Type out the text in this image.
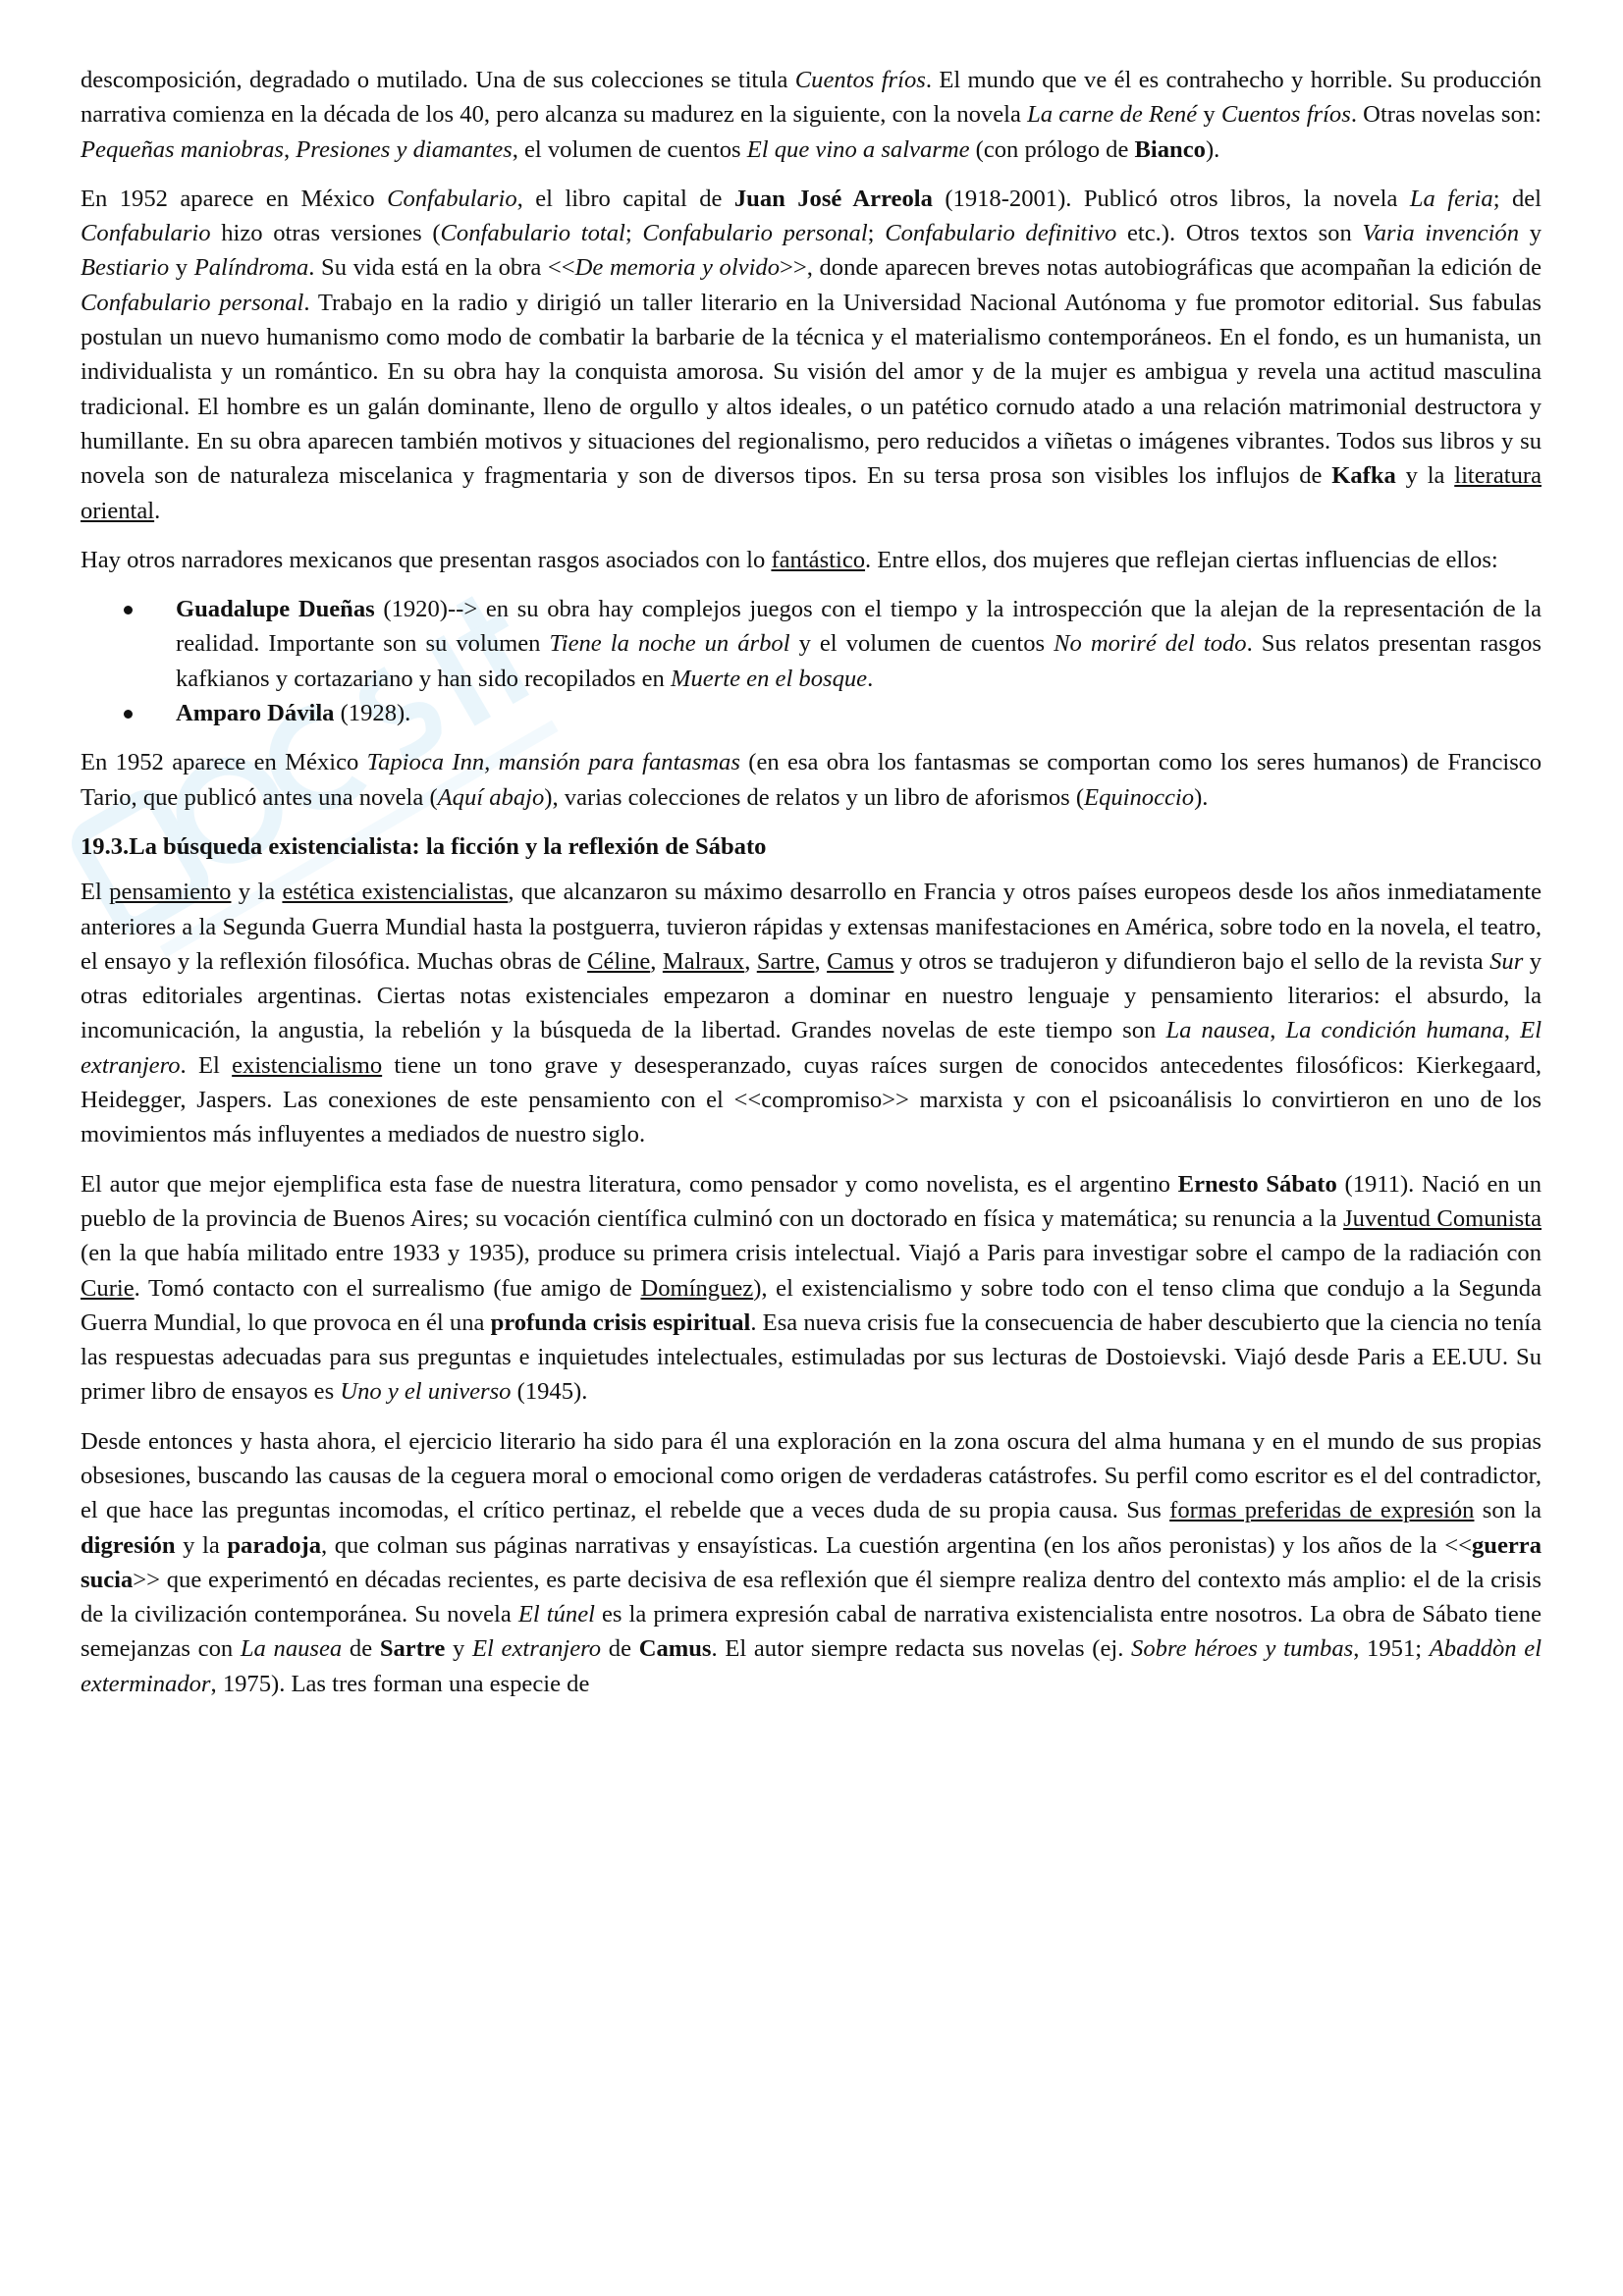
descomposición, degradado o mutilado. Una de sus colecciones se titula Cuentos fríos. El mundo que ve él es contrahecho y horrible. Su producción narrativa comienza en la década de los 40, pero alcanza su madurez en la siguiente, con la novela La carne de René y Cuentos fríos. Otras novelas son: Pequeñas maniobras, Presiones y diamantes, el volumen de cuentos El que vino a salvarme (con prólogo de Bianco).

En 1952 aparece en México Confabulario, el libro capital de Juan José Arreola (1918-2001). Publicó otros libros, la novela La feria; del Confabulario hizo otras versiones (Confabulario total; Confabulario personal; Confabulario definitivo etc.). Otros textos son Varia invención y Bestiario y Palíndroma. Su vida está en la obra <<De memoria y olvido>>, donde aparecen breves notas autobiográficas que acompañan la edición de Confabulario personal. Trabajo en la radio y dirigió un taller literario en la Universidad Nacional Autónoma y fue promotor editorial. Sus fabulas postulan un nuevo humanismo como modo de combatir la barbarie de la técnica y el materialismo contemporáneos. En el fondo, es un humanista, un individualista y un romántico. En su obra hay la conquista amorosa. Su visión del amor y de la mujer es ambigua y revela una actitud masculina tradicional. El hombre es un galán dominante, lleno de orgullo y altos ideales, o un patético cornudo atado a una relación matrimonial destructora y humillante. En su obra aparecen también motivos y situaciones del regionalismo, pero reducidos a viñetas o imágenes vibrantes. Todos sus libros y su novela son de naturaleza miscelanica y fragmentaria y son de diversos tipos. En su tersa prosa son visibles los influjos de Kafka y la literatura oriental.

Hay otros narradores mexicanos que presentan rasgos asociados con lo fantástico. Entre ellos, dos mujeres que reflejan ciertas influencias de ellos:

Guadalupe Dueñas (1920)--> en su obra hay complejos juegos con el tiempo y la introspección que la alejan de la representación de la realidad. Importante son su volumen Tiene la noche un árbol y el volumen de cuentos No moriré del todo. Sus relatos presentan rasgos kafkianos y cortazariano y han sido recopilados en Muerte en el bosque.
Amparo Dávila (1928).

En 1952 aparece en México Tapioca Inn, mansión para fantasmas (en esa obra los fantasmas se comportan como los seres humanos) de Francisco Tario, que publicó antes una novela (Aquí abajo), varias colecciones de relatos y un libro de aforismos (Equinoccio).

19.3.La búsqueda existencialista: la ficción y la reflexión de Sábato

El pensamiento y la estética existencialistas, que alcanzaron su máximo desarrollo en Francia y otros países europeos desde los años inmediatamente anteriores a la Segunda Guerra Mundial hasta la postguerra, tuvieron rápidas y extensas manifestaciones en América, sobre todo en la novela, el teatro, el ensayo y la reflexión filosófica. Muchas obras de Céline, Malraux, Sartre, Camus y otros se tradujeron y difundieron bajo el sello de la revista Sur y otras editoriales argentinas. Ciertas notas existenciales empezaron a dominar en nuestro lenguaje y pensamiento literarios: el absurdo, la incomunicación, la angustia, la rebelión y la búsqueda de la libertad. Grandes novelas de este tiempo son La nausea, La condición humana, El extranjero. El existencialismo tiene un tono grave y desesperanzado, cuyas raíces surgen de conocidos antecedentes filosóficos: Kierkegaard, Heidegger, Jaspers. Las conexiones de este pensamiento con el <<compromiso>> marxista y con el psicoanálisis lo convirtieron en uno de los movimientos más influyentes a mediados de nuestro siglo.

El autor que mejor ejemplifica esta fase de nuestra literatura, como pensador y como novelista, es el argentino Ernesto Sábato (1911). Nació en un pueblo de la provincia de Buenos Aires; su vocación científica culminó con un doctorado en física y matemática; su renuncia a la Juventud Comunista (en la que había militado entre 1933 y 1935), produce su primera crisis intelectual. Viajó a Paris para investigar sobre el campo de la radiación con Curie. Tomó contacto con el surrealismo (fue amigo de Domínguez), el existencialismo y sobre todo con el tenso clima que condujo a la Segunda Guerra Mundial, lo que provoca en él una profunda crisis espiritual. Esa nueva crisis fue la consecuencia de haber descubierto que la ciencia no tenía las respuestas adecuadas para sus preguntas e inquietudes intelectuales, estimuladas por sus lecturas de Dostoievski. Viajó desde Paris a EE.UU. Su primer libro de ensayos es Uno y el universo (1945).

Desde entonces y hasta ahora, el ejercicio literario ha sido para él una exploración en la zona oscura del alma humana y en el mundo de sus propias obsesiones, buscando las causas de la ceguera moral o emocional como origen de verdaderas catástrofes. Su perfil como escritor es el del contradictor, el que hace las preguntas incomodas, el crítico pertinaz, el rebelde que a veces duda de su propia causa. Sus formas preferidas de expresión son la digresión y la paradoja, que colman sus páginas narrativas y ensayísticas. La cuestión argentina (en los años peronistas) y los años de la <<guerra sucia>> que experimentó en décadas recientes, es parte decisiva de esa reflexión que él siempre realiza dentro del contexto más amplio: el de la crisis de la civilización contemporánea. Su novela El túnel es la primera expresión cabal de narrativa existencialista entre nosotros. La obra de Sábato tiene semejanzas con La nausea de Sartre y El extranjero de Camus. El autor siempre redacta sus novelas (ej. Sobre héroes y tumbas, 1951; Abaddòn el exterminador, 1975). Las tres forman una especie de
